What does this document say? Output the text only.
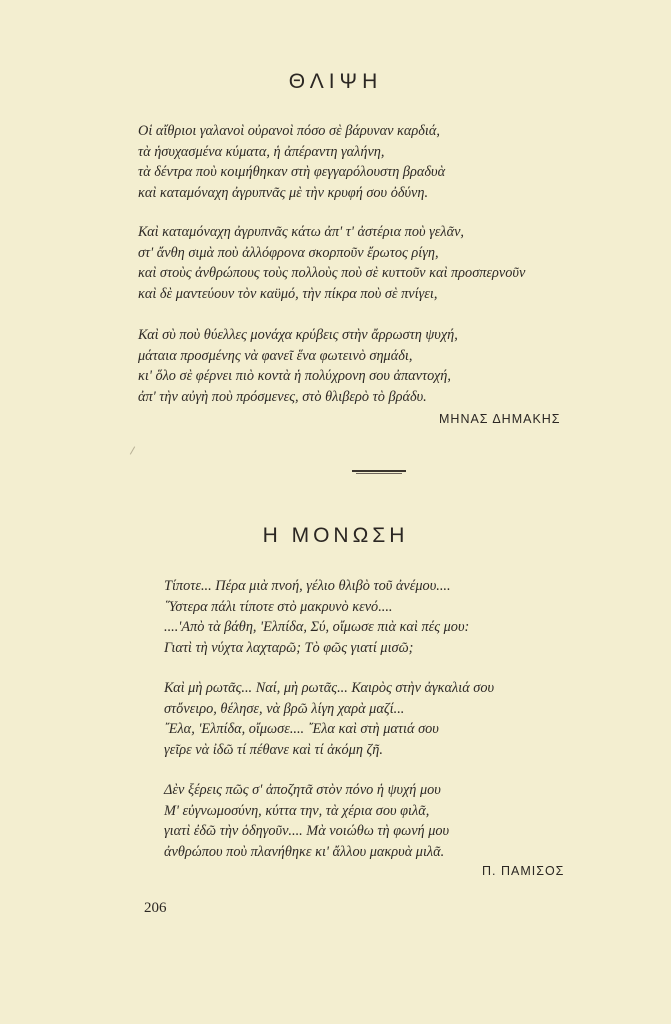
ΘΛΙΨΗ
Οἱ αἴθριοι γαλανοὶ οὐρανοὶ πόσο σὲ βάρυναν καρδιά,
τὰ ἡσυχασμένα κύματα, ἡ ἀπέραντη γαλήνη,
τὰ δέντρα ποὺ κοιμήθηκαν στὴ φεγγαρόλουστη βραδυὰ
καὶ καταμόναχη ἀγρυπνᾶς μὲ τὴν κρυφή σου ὀδύνη.
Καὶ καταμόναχη ἀγρυπνᾶς κάτω ἀπ' τ' ἀστέρια ποὺ γελᾶν,
στ' ἄνθη σιμὰ ποὺ ἀλλόφρονα σκορποῦν ἔρωτος ρίγη,
καὶ στοὺς ἀνθρώπους τοὺς πολλοὺς ποὺ σὲ κυττοῦν καὶ προσπερνοῦν
καὶ δὲ μαντεύουν τὸν καϋμό, τὴν πίκρα ποὺ σὲ πνίγει,
Καὶ σὺ ποὺ θύελλες μονάχα κρύβεις στὴν ἄρρωστη ψυχή,
μάταια προσμένης νὰ φανεῖ ἕνα φωτεινὸ σημάδι,
κι' ὅλο σὲ φέρνει πιὸ κοντὰ ἡ πολύχρονη σου ἀπαντοχή,
ἀπ' τὴν αὐγὴ ποὺ πρόσμενες, στὸ θλιβερὸ τὸ βράδυ.
ΜΗΝΑΣ ΔΗΜΑΚΗΣ
Η ΜΟΝΩΣΗ
Τίποτε... Πέρα μιὰ πνοή, γέλιο θλιβὸ τοῦ ἀνέμου....
῞Υστερα πάλι τίποτε στὸ μακρυνὸ κενό....
....'Απὸ τὰ βάθη, 'Ελπίδα, Σύ, οἴμωσε πιὰ καὶ πές μου:
Γιατὶ τὴ νύχτα λαχταρῶ; Τὸ φῶς γιατί μισῶ;
Καὶ μὴ ρωτᾶς... Ναί, μὴ ρωτᾶς... Καιρὸς στὴν ἀγκαλιά σου
στὄνειρο, θέλησε, νὰ βρῶ λίγη χαρὰ μαζί...
῎Ελα, 'Ελπίδα, οἴμωσε.... ῎Ελα καὶ στὴ ματιά σου
γεῖρε νὰ ἰδῶ τί πέθανε καὶ τί ἀκόμη ζῆ.
Δὲν ξέρεις πῶς σ' ἀποζητᾶ στὸν πόνο ἡ ψυχή μου
Μ' εὐγνωμοσύνη, κύττα την, τὰ χέρια σου φιλᾶ,
γιατὶ ἐδῶ τὴν ὁδηγοῦν.... Μὰ νοιώθω τὴ φωνή μου
ἀνθρώπου ποὺ πλανήθηκε κι' ἄλλου μακρυὰ μιλᾶ.
Π. ΠΑΜΙΣΟΣ
206
